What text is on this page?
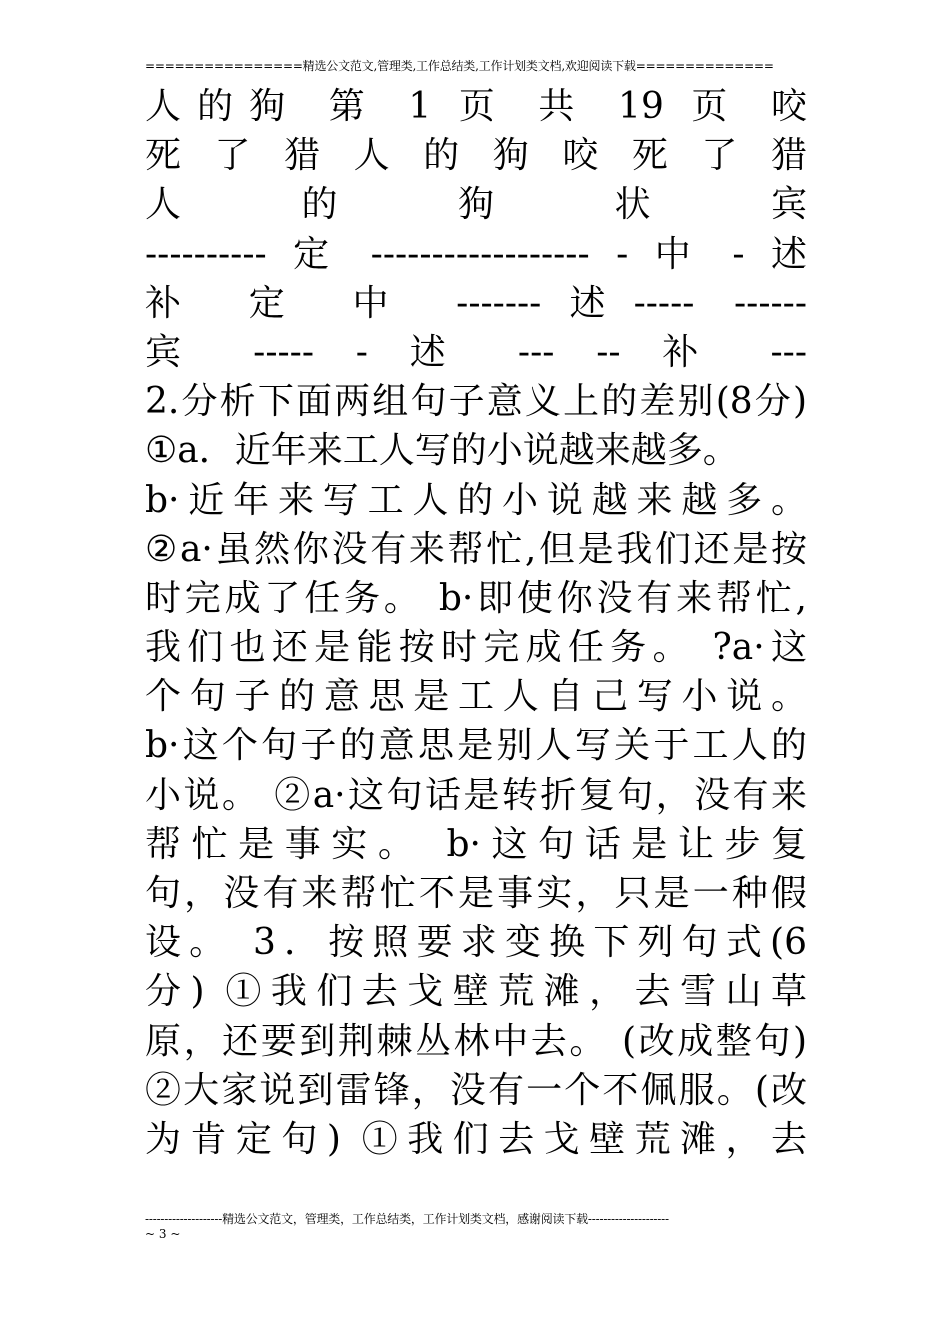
================精选公文范文,管理类,工作总结类,工作计划类文档,欢迎阅读下载==============
人的狗 第 1 页 共 19 页 咬
死 了 猎 人 的 狗 咬 死 了 猎
人 的 狗 状 宾
---------- 定 ------------------ - 中 - 述
补 定 中 -------述----- ------
宾 ----- - 述 --- -- 补 ---
2.分析下面两组句子意义上的差别(8分)
①a．近年来工人写的小说越来越多。
b·近年来写工人的小说越来越多。
②a·虽然你没有来帮忙,但是我们还是按
时完成了任务。 b·即使你没有来帮忙,
我们也还是能按时完成任务。 ?a·这
个句子的意思是工人自己写小说。
b·这个句子的意思是别人写关于工人的
小说。 ②a·这句话是转折复句，没有来
帮忙是事实。 b·这句话是让步复
句，没有来帮忙不是事实，只是一种假
设。 3．按照要求变换下列句式(6
分) ①我们去戈壁荒滩，去雪山草
原，还要到荆棘丛林中去。 (改成整句)
②大家说到雷锋，没有一个不佩服。(改
为肯定句) ①我们去戈壁荒滩，去
--------------------精选公文范文，管理类，工作总结类，工作计划类文档，感谢阅读下载---------------------
~ 3 ~
